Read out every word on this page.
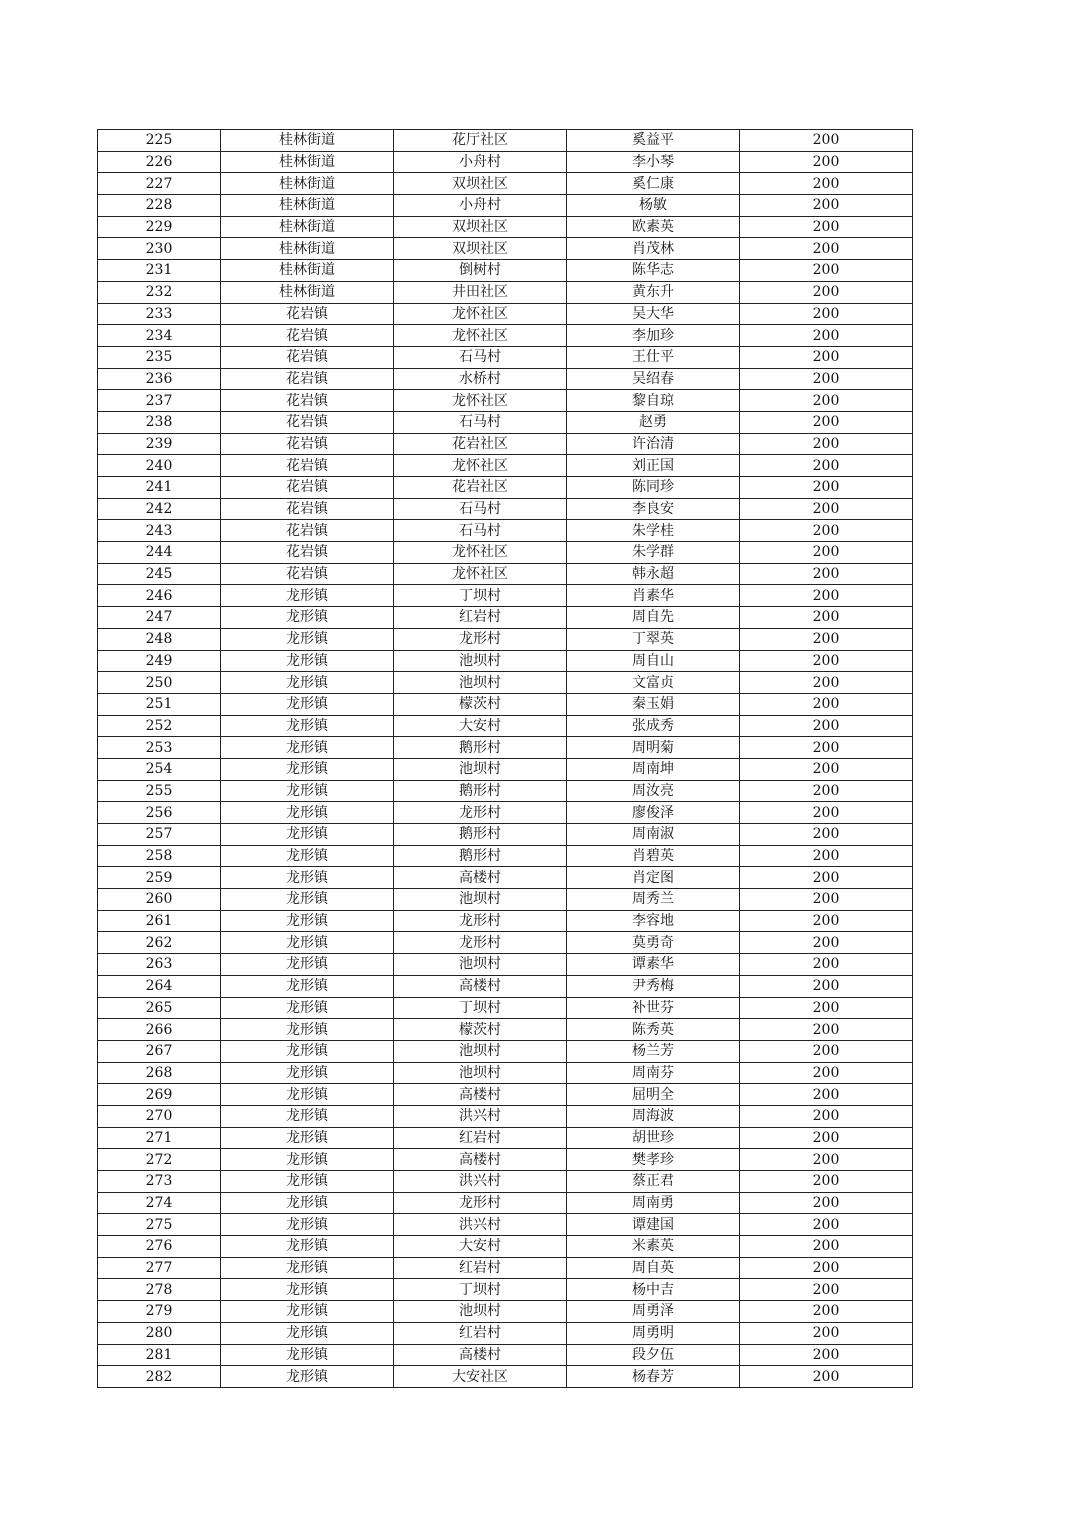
225	桂林街道	花厅社区	奚益平	200
226	桂林街道	小舟村	李小琴	200
227	桂林街道	双坝社区	奚仁康	200
228	桂林街道	小舟村	杨敏	200
229	桂林街道	双坝社区	欧素英	200
230	桂林街道	双坝社区	肖茂林	200
231	桂林街道	倒树村	陈华志	200
232	桂林街道	井田社区	黄东升	200
233	花岩镇	龙怀社区	吴大华	200
234	花岩镇	龙怀社区	李加珍	200
235	花岩镇	石马村	王仕平	200
236	花岩镇	水桥村	吴绍春	200
237	花岩镇	龙怀社区	黎自琼	200
238	花岩镇	石马村	赵勇	200
239	花岩镇	花岩社区	许治清	200
240	花岩镇	龙怀社区	刘正国	200
241	花岩镇	花岩社区	陈同珍	200
242	花岩镇	石马村	李良安	200
243	花岩镇	石马村	朱学桂	200
244	花岩镇	龙怀社区	朱学群	200
245	花岩镇	龙怀社区	韩永超	200
246	龙形镇	丁坝村	肖素华	200
247	龙形镇	红岩村	周自先	200
248	龙形镇	龙形村	丁翠英	200
249	龙形镇	池坝村	周自山	200
250	龙形镇	池坝村	文富贞	200
251	龙形镇	檬茨村	秦玉娟	200
252	龙形镇	大安村	张成秀	200
253	龙形镇	鹅形村	周明菊	200
254	龙形镇	池坝村	周南坤	200
255	龙形镇	鹅形村	周汝亮	200
256	龙形镇	龙形村	廖俊泽	200
257	龙形镇	鹅形村	周南淑	200
258	龙形镇	鹅形村	肖碧英	200
259	龙形镇	高楼村	肖定图	200
260	龙形镇	池坝村	周秀兰	200
261	龙形镇	龙形村	李容地	200
262	龙形镇	龙形村	莫勇奇	200
263	龙形镇	池坝村	谭素华	200
264	龙形镇	高楼村	尹秀梅	200
265	龙形镇	丁坝村	补世芬	200
266	龙形镇	檬茨村	陈秀英	200
267	龙形镇	池坝村	杨兰芳	200
268	龙形镇	池坝村	周南芬	200
269	龙形镇	高楼村	屈明全	200
270	龙形镇	洪兴村	周海波	200
271	龙形镇	红岩村	胡世珍	200
272	龙形镇	高楼村	樊孝珍	200
273	龙形镇	洪兴村	蔡正君	200
274	龙形镇	龙形村	周南勇	200
275	龙形镇	洪兴村	谭建国	200
276	龙形镇	大安村	米素英	200
277	龙形镇	红岩村	周自英	200
278	龙形镇	丁坝村	杨中吉	200
279	龙形镇	池坝村	周勇泽	200
280	龙形镇	红岩村	周勇明	200
281	龙形镇	高楼村	段夕伍	200
282	龙形镇	大安社区	杨春芳	200
